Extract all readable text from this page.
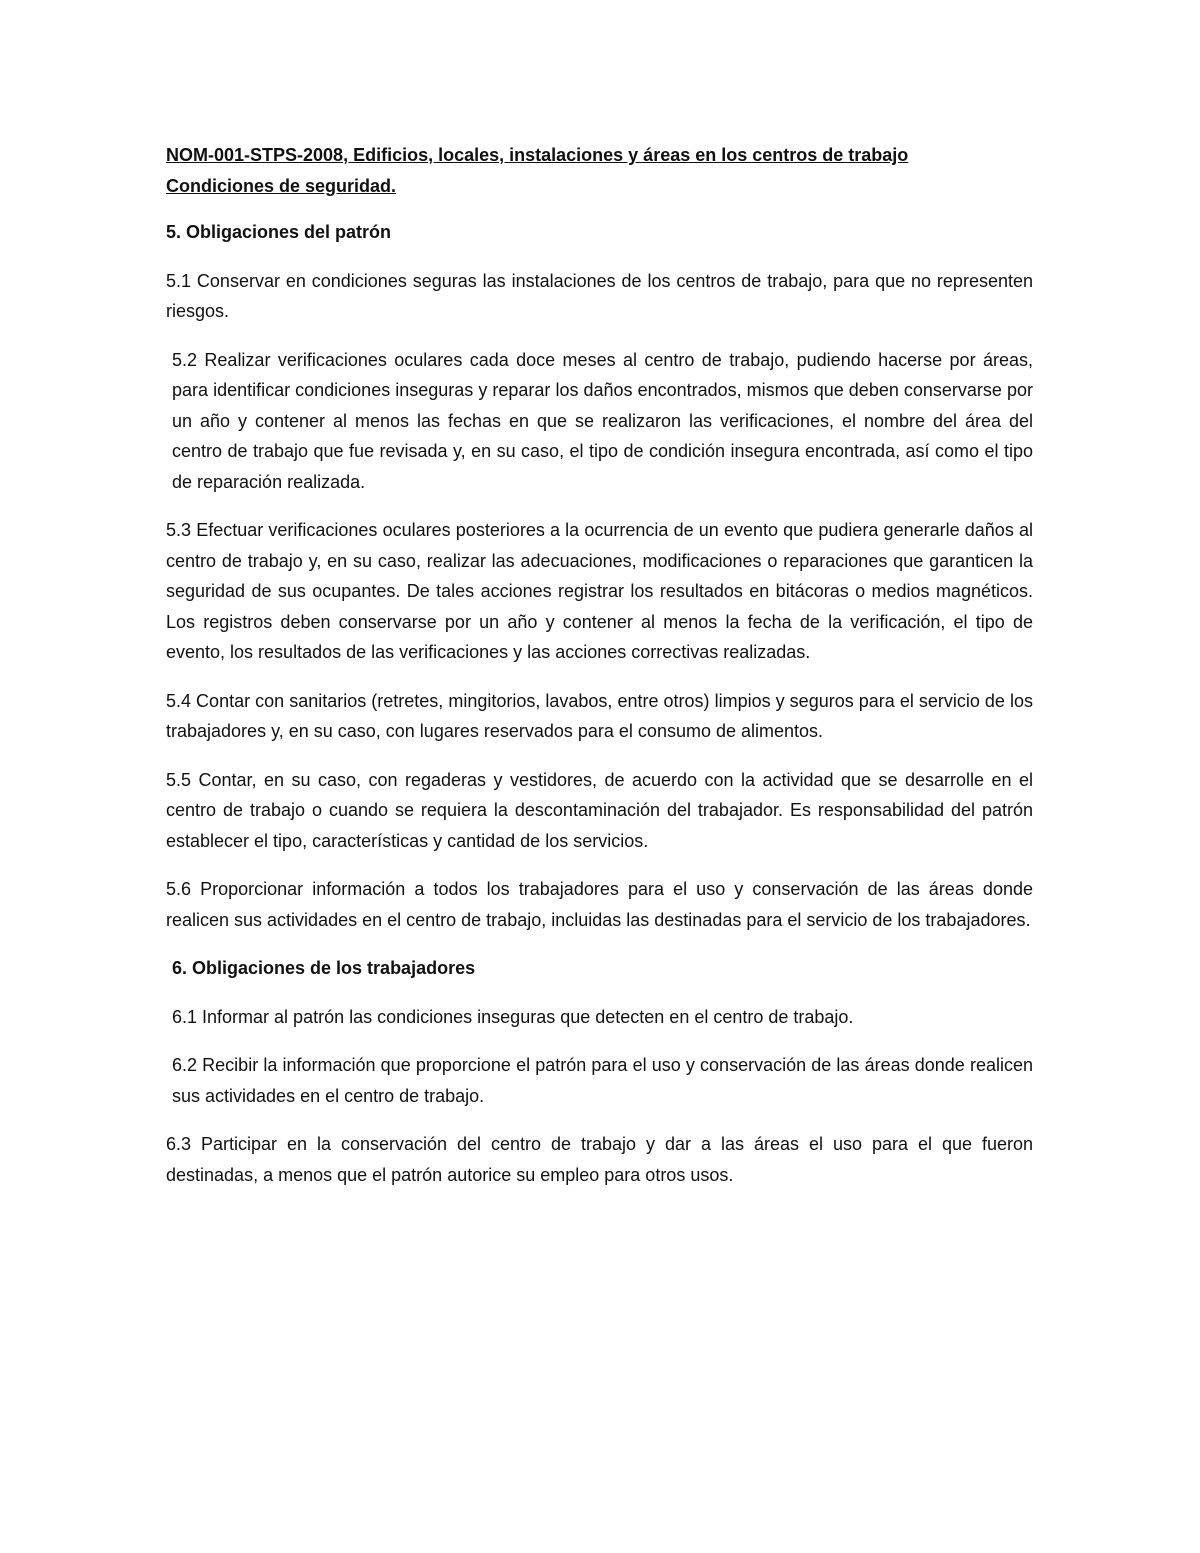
NOM-001-STPS-2008, Edificios, locales, instalaciones y áreas en los centros de trabajo
Condiciones de seguridad.
5. Obligaciones del patrón

5.1 Conservar en condiciones seguras las instalaciones de los centros de trabajo, para que no representen riesgos.

5.2 Realizar verificaciones oculares cada doce meses al centro de trabajo, pudiendo hacerse por áreas, para identificar condiciones inseguras y reparar los daños encontrados, mismos que deben conservarse por un año y contener al menos las fechas en que se realizaron las verificaciones, el nombre del área del centro de trabajo que fue revisada y, en su caso, el tipo de condición insegura encontrada, así como el tipo de reparación realizada.

5.3 Efectuar verificaciones oculares posteriores a la ocurrencia de un evento que pudiera generarle daños al centro de trabajo y, en su caso, realizar las adecuaciones, modificaciones o reparaciones que garanticen la seguridad de sus ocupantes. De tales acciones registrar los resultados en bitácoras o medios magnéticos. Los registros deben conservarse por un año y contener al menos la fecha de la verificación, el tipo de evento, los resultados de las verificaciones y las acciones correctivas realizadas.

5.4 Contar con sanitarios (retretes, mingitorios, lavabos, entre otros) limpios y seguros para el servicio de los trabajadores y, en su caso, con lugares reservados para el consumo de alimentos.

5.5 Contar, en su caso, con regaderas y vestidores, de acuerdo con la actividad que se desarrolle en el centro de trabajo o cuando se requiera la descontaminación del trabajador. Es responsabilidad del patrón establecer el tipo, características y cantidad de los servicios.

5.6 Proporcionar información a todos los trabajadores para el uso y conservación de las áreas donde realicen sus actividades en el centro de trabajo, incluidas las destinadas para el servicio de los trabajadores.

6. Obligaciones de los trabajadores

6.1 Informar al patrón las condiciones inseguras que detecten en el centro de trabajo.

6.2 Recibir la información que proporcione el patrón para el uso y conservación de las áreas donde realicen sus actividades en el centro de trabajo.

6.3 Participar en la conservación del centro de trabajo y dar a las áreas el uso para el que fueron destinadas, a menos que el patrón autorice su empleo para otros usos.
